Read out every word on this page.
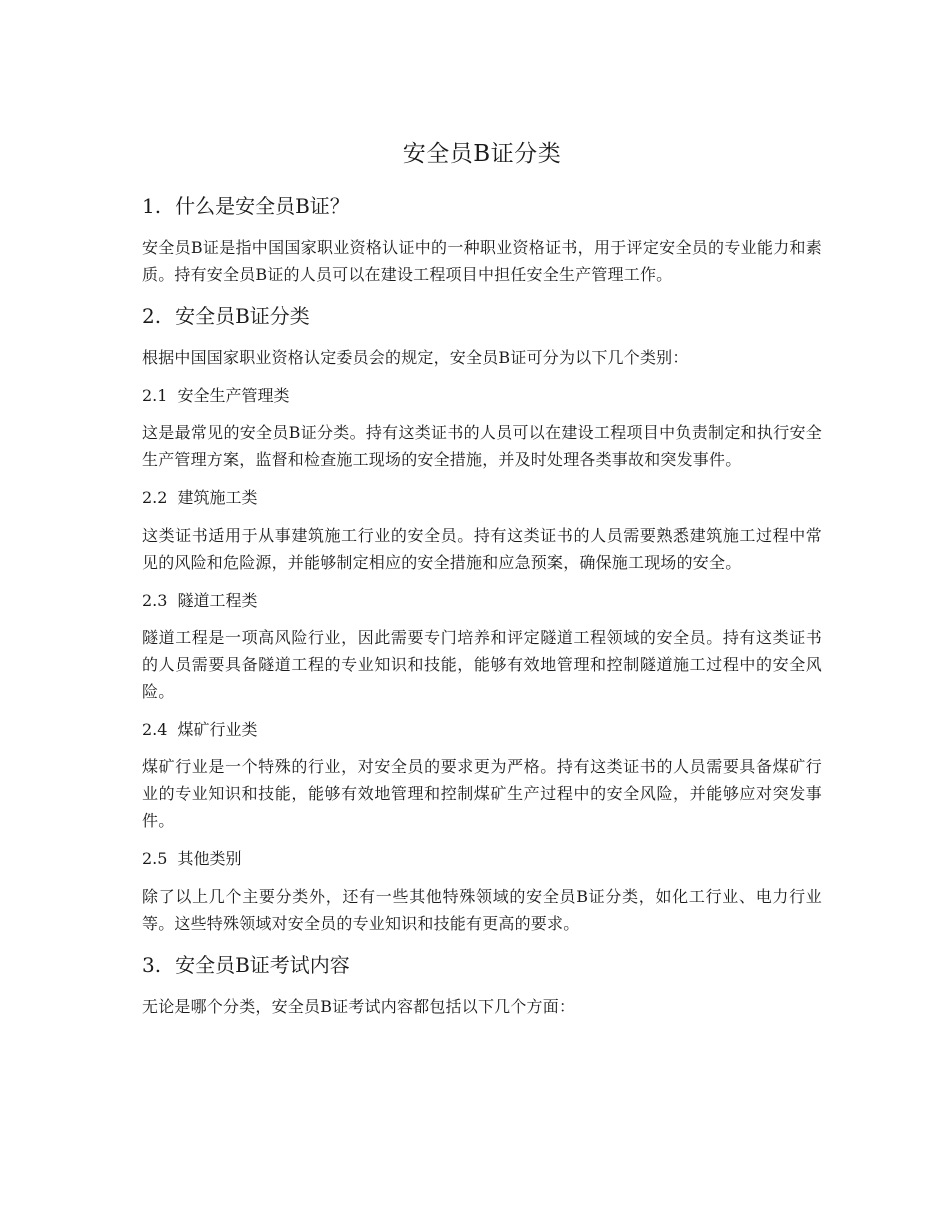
安全员B证分类
1. 什么是安全员B证？

安全员B证是指中国国家职业资格认证中的一种职业资格证书，用于评定安全员的专业能力和素质。持有安全员B证的人员可以在建设工程项目中担任安全生产管理工作。

2. 安全员B证分类

根据中国国家职业资格认定委员会的规定，安全员B证可分为以下几个类别：

2.1 安全生产管理类

这是最常见的安全员B证分类。持有这类证书的人员可以在建设工程项目中负责制定和执行安全生产管理方案，监督和检查施工现场的安全措施，并及时处理各类事故和突发事件。

2.2 建筑施工类

这类证书适用于从事建筑施工行业的安全员。持有这类证书的人员需要熟悉建筑施工过程中常见的风险和危险源，并能够制定相应的安全措施和应急预案，确保施工现场的安全。

2.3 隧道工程类

隧道工程是一项高风险行业，因此需要专门培养和评定隧道工程领域的安全员。持有这类证书的人员需要具备隧道工程的专业知识和技能，能够有效地管理和控制隧道施工过程中的安全风险。

2.4 煤矿行业类

煤矿行业是一个特殊的行业，对安全员的要求更为严格。持有这类证书的人员需要具备煤矿行业的专业知识和技能，能够有效地管理和控制煤矿生产过程中的安全风险，并能够应对突发事件。

2.5 其他类别

除了以上几个主要分类外，还有一些其他特殊领域的安全员B证分类，如化工行业、电力行业等。这些特殊领域对安全员的专业知识和技能有更高的要求。

3. 安全员B证考试内容

无论是哪个分类，安全员B证考试内容都包括以下几个方面：
